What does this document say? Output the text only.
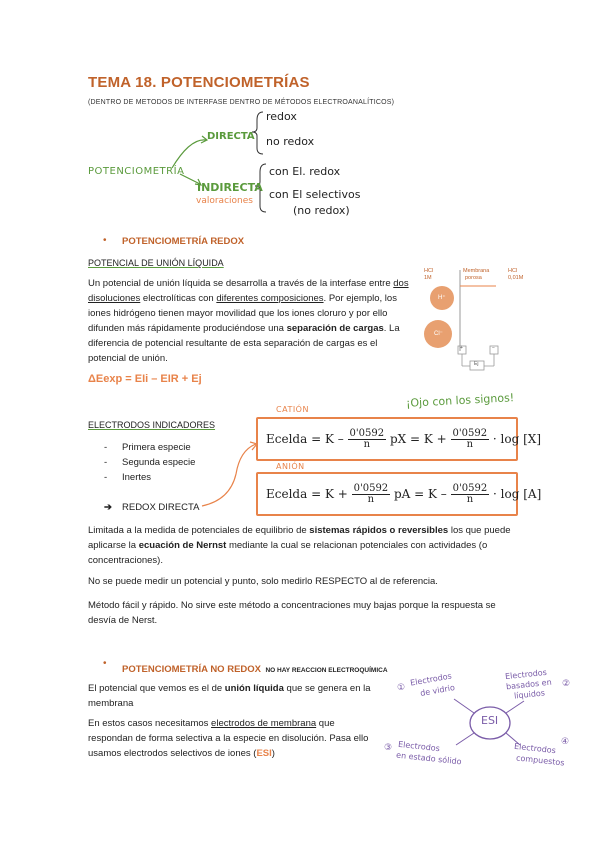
TEMA 18. POTENCIOMETRÍAS
(DENTRO DE METODOS DE INTERFASE DENTRO DE MÉTODOS ELECTROANALÍTICOS)
POTENCIOMETRÍA
DIRECTA
redox
no redox
INDIRECTA
valoraciones
con El. redox
con El selectivos
(no redox)
• POTENCIOMETRÍA REDOX
POTENCIAL DE UNIÓN LÍQUIDA
Un potencial de unión líquida se desarrolla a través de la interfase entre dos disoluciones electrolíticas con diferentes composiciones. Por ejemplo, los iones hidrógeno tienen mayor movilidad que los iones cloruro y por ello difunden más rápidamente produciéndose una separación de cargas. La diferencia de potencial resultante de esta separación de cargas es el potencial de unión.
ΔEexp = EIi – EIR + Ej
HCl
1M
Membrana
porosa
HCl
0,01M
H⁺
Cl⁻
+	−
Ej
¡Ojo con los signos!
ELECTRODOS INDICADORES
- Primera especie
- Segunda especie
- Inertes
➔ REDOX DIRECTA
CATIÓN
Ecelda = K – $\frac{0'0592}{n}$ pX = $K + \frac{0'0592}{n} \cdot \log [X]$
ANIÓN
Ecelda = $K + \frac{0'0592}{n}$ pA = $K - \frac{0'0592}{n} \cdot \log [A]$
Limitada a la medida de potenciales de equilibrio de sistemas rápidos o reversibles los que puede aplicarse la ecuación de Nernst mediante la cual se relacionan potenciales con actividades (o concentraciones).
No se puede medir un potencial y punto, solo medirlo RESPECTO al de referencia.
Método fácil y rápido. No sirve este método a concentraciones muy bajas porque la respuesta se desvía de Nerst.
•
POTENCIOMETRÍA NO REDOX NO HAY REACCION ELECTROQUÍMICA
El potencial que vemos es el de unión líquida que se genera en la membrana
En estos casos necesitamos electrodos de membrana que respondan de forma selectiva a la especie en disolución. Pasa ello usamos electrodos selectivos de iones (ESI)
ESI
①
Electrodos
de vidrio
Electrodos
basados en
líquidos
②
③ Electrodos
en estado sólido
Electrodos
compuestos
④
